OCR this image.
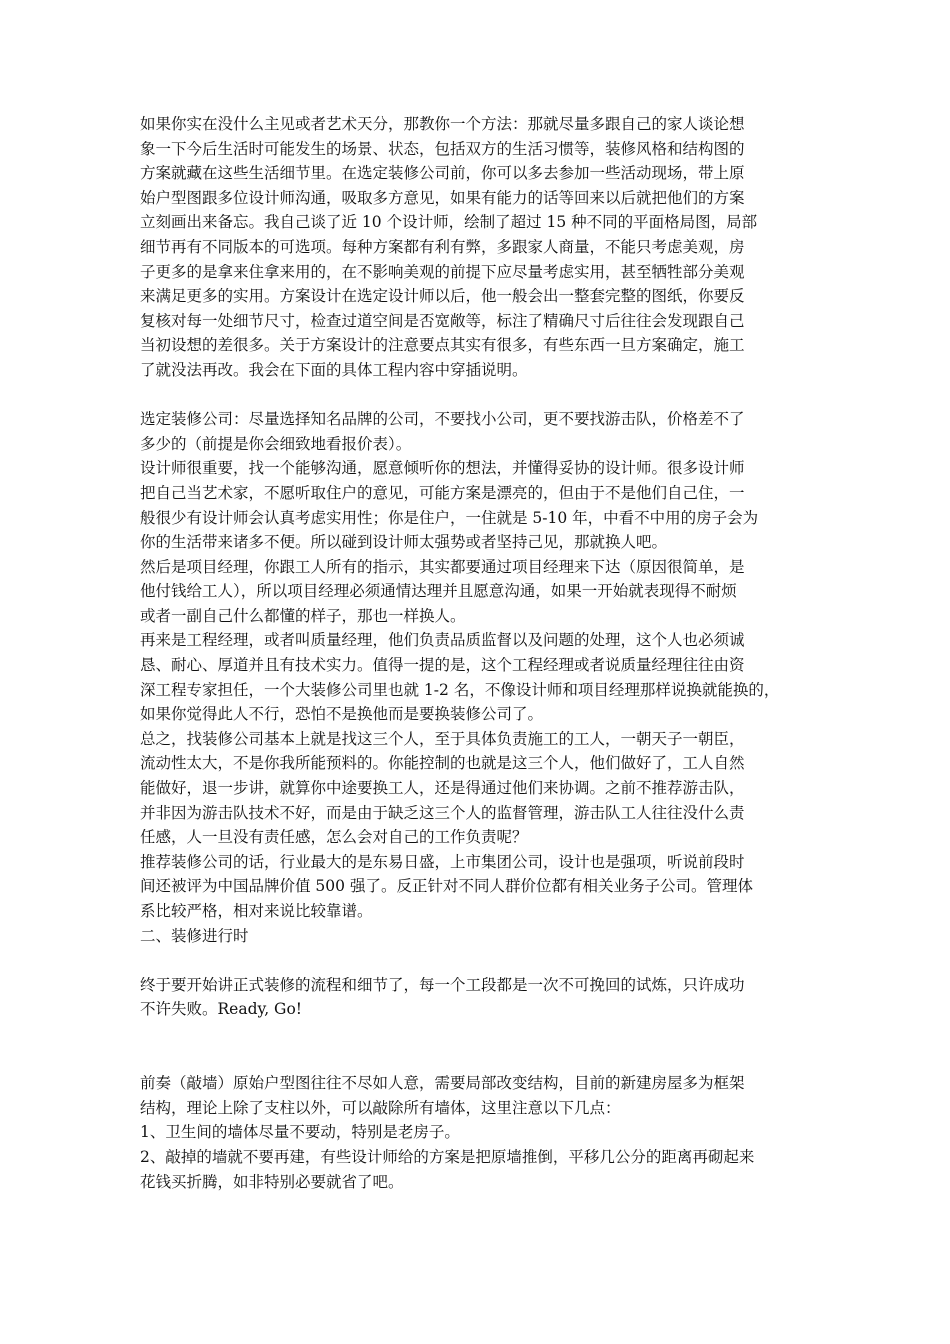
如果你实在没什么主见或者艺术天分，那教你一个方法：那就尽量多跟自己的家人谈论想
象一下今后生活时可能发生的场景、状态，包括双方的生活习惯等，装修风格和结构图的
方案就藏在这些生活细节里。在选定装修公司前，你可以多去参加一些活动现场，带上原
始户型图跟多位设计师沟通，吸取多方意见，如果有能力的话等回来以后就把他们的方案
立刻画出来备忘。我自己谈了近 10 个设计师，绘制了超过 15 种不同的平面格局图，局部
细节再有不同版本的可选项。每种方案都有利有弊，多跟家人商量，不能只考虑美观，房
子更多的是拿来住拿来用的，在不影响美观的前提下应尽量考虑实用，甚至牺牲部分美观
来满足更多的实用。方案设计在选定设计师以后，他一般会出一整套完整的图纸，你要反
复核对每一处细节尺寸，检查过道空间是否宽敞等，标注了精确尺寸后往往会发现跟自己
当初设想的差很多。关于方案设计的注意要点其实有很多，有些东西一旦方案确定，施工
了就没法再改。我会在下面的具体工程内容中穿插说明。
选定装修公司：尽量选择知名品牌的公司，不要找小公司，更不要找游击队，价格差不了
多少的（前提是你会细致地看报价表）。
设计师很重要，找一个能够沟通，愿意倾听你的想法，并懂得妥协的设计师。很多设计师
把自己当艺术家，不愿听取住户的意见，可能方案是漂亮的，但由于不是他们自己住，一
般很少有设计师会认真考虑实用性；你是住户，一住就是 5-10 年，中看不中用的房子会为
你的生活带来诸多不便。所以碰到设计师太强势或者坚持己见，那就换人吧。
然后是项目经理，你跟工人所有的指示，其实都要通过项目经理来下达（原因很简单，是
他付钱给工人），所以项目经理必须通情达理并且愿意沟通，如果一开始就表现得不耐烦
或者一副自己什么都懂的样子，那也一样换人。
再来是工程经理，或者叫质量经理，他们负责品质监督以及问题的处理，这个人也必须诚
恳、耐心、厚道并且有技术实力。值得一提的是，这个工程经理或者说质量经理往往由资
深工程专家担任，一个大装修公司里也就 1-2 名，不像设计师和项目经理那样说换就能换的，
如果你觉得此人不行，恐怕不是换他而是要换装修公司了。
总之，找装修公司基本上就是找这三个人，至于具体负责施工的工人，一朝天子一朝臣，
流动性太大，不是你我所能预料的。你能控制的也就是这三个人，他们做好了，工人自然
能做好，退一步讲，就算你中途要换工人，还是得通过他们来协调。之前不推荐游击队，
并非因为游击队技术不好，而是由于缺乏这三个人的监督管理，游击队工人往往没什么责
任感，人一旦没有责任感，怎么会对自己的工作负责呢？
推荐装修公司的话，行业最大的是东易日盛，上市集团公司，设计也是强项，听说前段时
间还被评为中国品牌价值 500 强了。反正针对不同人群价位都有相关业务子公司。管理体
系比较严格，相对来说比较靠谱。
二、装修进行时
终于要开始讲正式装修的流程和细节了，每一个工段都是一次不可挽回的试炼，只许成功
不许失败。Ready, Go!
前奏（敲墙）原始户型图往往不尽如人意，需要局部改变结构，目前的新建房屋多为框架
结构，理论上除了支柱以外，可以敲除所有墙体，这里注意以下几点：
1、卫生间的墙体尽量不要动，特别是老房子。
2、敲掉的墙就不要再建，有些设计师给的方案是把原墙推倒，平移几公分的距离再砌起来
花钱买折腾，如非特别必要就省了吧。
